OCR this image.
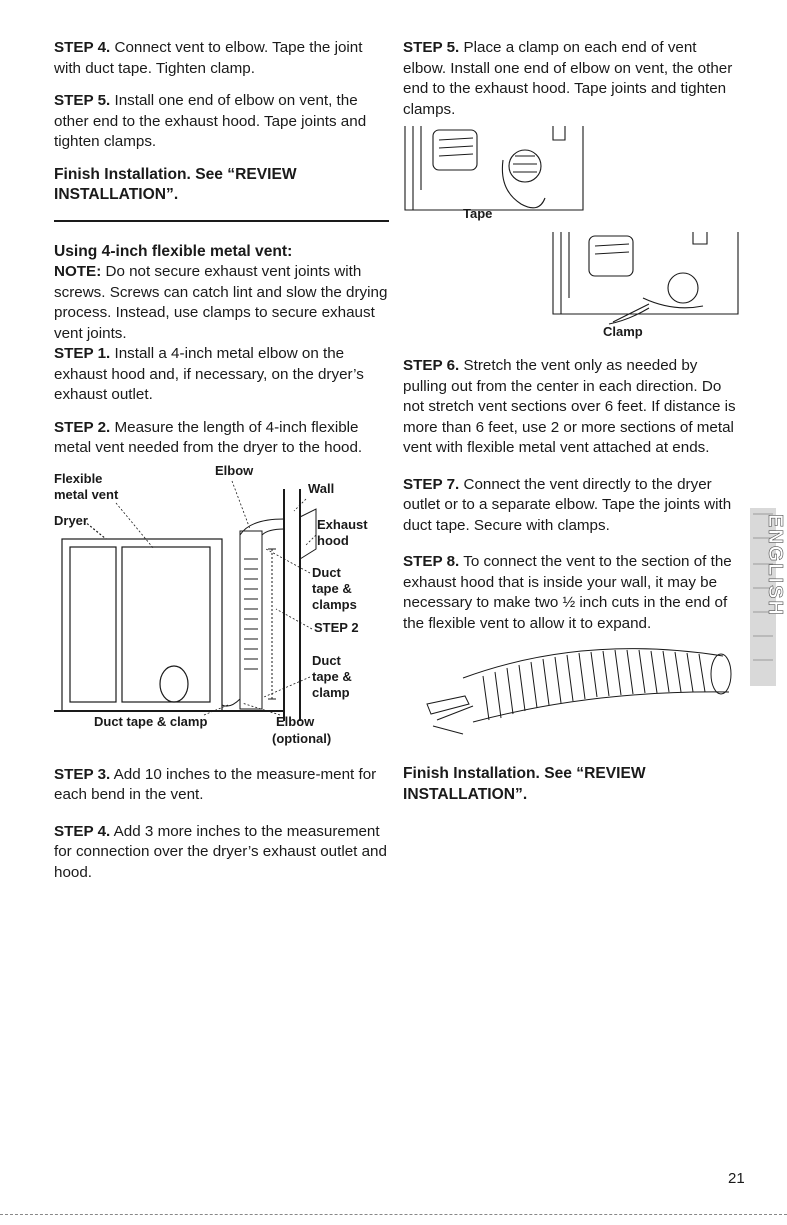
STEP 4. Connect vent to elbow. Tape the joint with duct tape. Tighten clamp.

STEP 5. Install one end of elbow on vent, the other end to the exhaust hood. Tape joints and tighten clamps.

Finish Installation. See “REVIEW INSTALLATION”.
Using 4-inch flexible metal vent:

NOTE: Do not secure exhaust vent joints with screws. Screws can catch lint and slow the drying process. Instead, use clamps to secure exhaust vent joints.

STEP 1. Install a 4-inch metal elbow on the exhaust hood and, if necessary, on the dryer’s exhaust outlet.

STEP 2. Measure the length of 4-inch flexible metal vent needed from the dryer to the hood.

Flexible
metal vent
Elbow
Wall
Dryer	Exhaust
hood
Duct
tape &
clamps
STEP 2
Duct
tape &
clamp
Duct tape & clamp	Elbow
(optional)

STEP 3. Add 10 inches to the measure-ment for each bend in the vent.

STEP 4. Add 3 more inches to the measurement for connection over the dryer’s exhaust outlet and hood.

STEP 5. Place a clamp on each end of vent elbow. Install one end of elbow on vent, the other end to the exhaust hood. Tape joints and tighten clamps.

Tape
Clamp

STEP 6. Stretch the vent only as needed by pulling out from the center in each direction. Do not stretch vent sections over 6 feet. If distance is more than 6 feet, use 2 or more sections of metal vent with flexible metal vent attached at ends.

STEP 7. Connect the vent directly to the dryer outlet or to a separate elbow. Tape the joints with duct tape. Secure with clamps.

STEP 8. To connect the vent to the section of the exhaust hood that is inside your wall, it may be necessary to make two ½ inch cuts in the end of the flexible vent to allow it to expand.

Finish Installation. See “REVIEW INSTALLATION”.
ENGLISH
21
